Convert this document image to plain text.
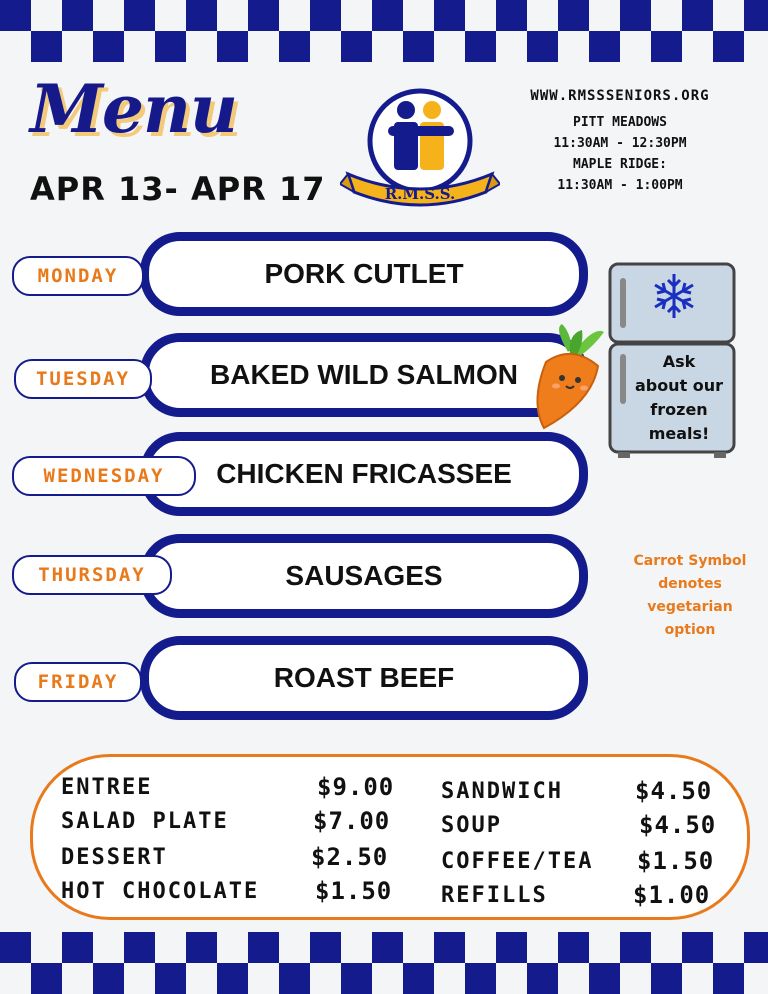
Menu
APR 13- APR 17	R.M.S.S.
WWW.RMSSSENIORS.ORG
PITT MEADOWS
11:30AM - 12:30PM
MAPLE RIDGE:
11:30AM - 1:00PM
PORK CUTLET
MONDAY
BAKED WILD SALMON
TUESDAY
CHICKEN FRICASSEE
WEDNESDAY
SAUSAGES
THURSDAY
ROAST BEEF
FRIDAY
Ask
about our
frozen
meals!
Carrot Symbol
denotes
vegetarian
option
ENTREE	$9.00
SALAD PLATE	$7.00
DESSERT	$2.50
HOT CHOCOLATE $1.50
SANDWICH	$4.50
SOUP	$4.50
COFFEE/TEA $1.50
REFILLS	$1.00
